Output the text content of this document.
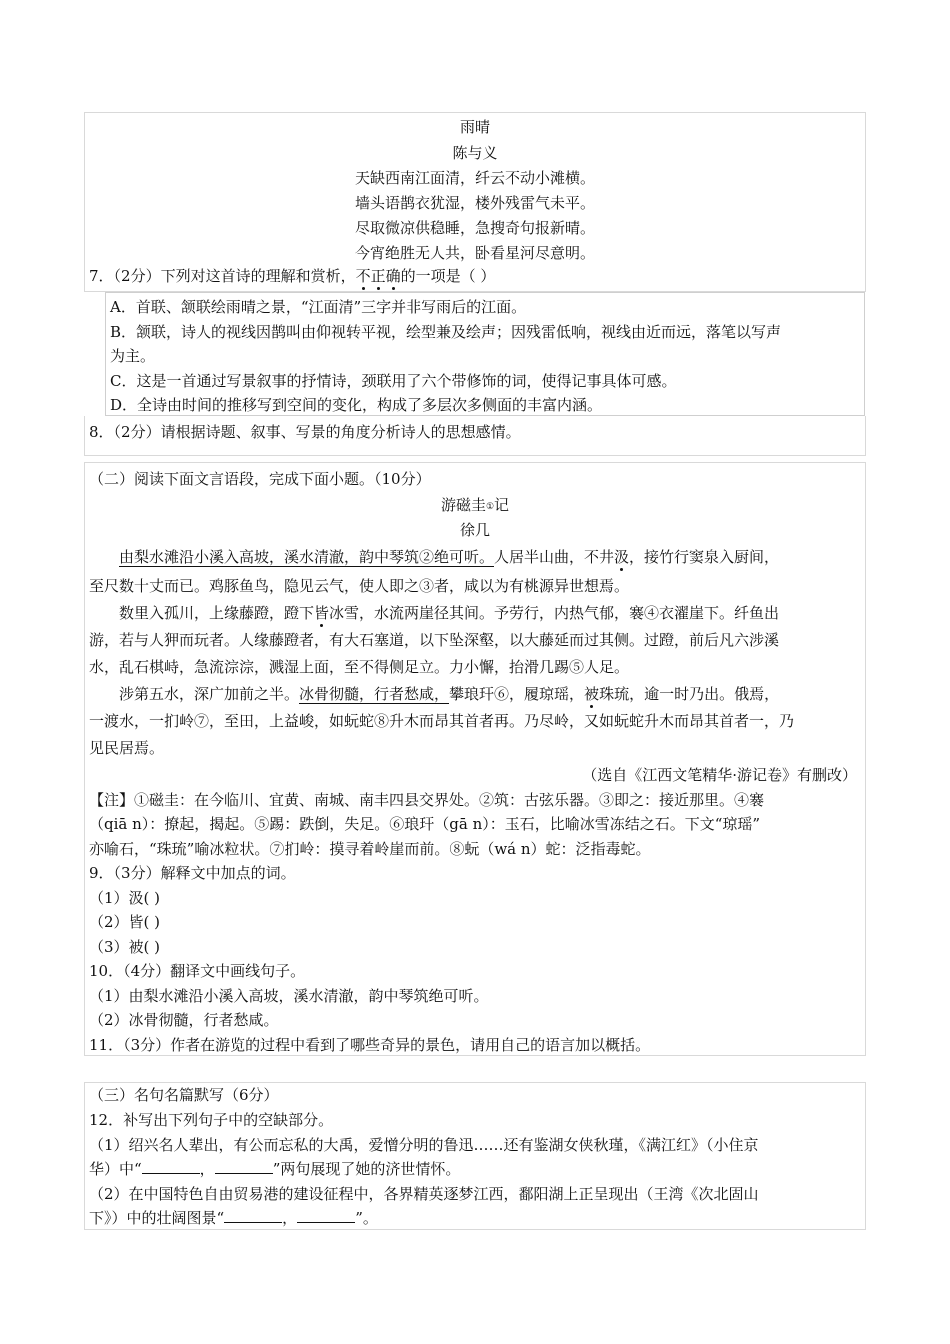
雨晴
陈与义
天缺西南江面清，纤云不动小滩横。
墙头语鹊衣犹湿，楼外残雷气未平。
尽取微凉供稳睡，急搜奇句报新晴。
今宵绝胜无人共，卧看星河尽意明。
7．（2分）下列对这首诗的理解和赏析，不正确的一项是（ ）
A．首联、颔联绘雨晴之景，“江面清”三字并非写雨后的江面。
B．颔联，诗人的视线因鹊叫由仰视转平视，绘型兼及绘声；因残雷低响，视线由近而远，落笔以写声
为主。
C．这是一首通过写景叙事的抒情诗，颈联用了六个带修饰的词，使得记事具体可感。
D．全诗由时间的推移写到空间的变化，构成了多层次多侧面的丰富内涵。
8．（2分）请根据诗题、叙事、写景的角度分析诗人的思想感情。
（二）阅读下面文言语段，完成下面小题。（10分）
游磁圭①记
徐几
由梨水滩沿小溪入高坡，溪水清澈，韵中琴筑②绝可听。人居半山曲，不井汲，接竹行窦泉入厨间，
至尺数十丈而已。鸡豚鱼鸟，隐见云气，使人即之③者，咸以为有桃源异世想焉。
数里入孤川，上缘藤蹬，蹬下皆冰雪，水流两崖径其间。予劳行，内热气郁，褰④衣濯崖下。纤鱼出
游，若与人狎而玩者。人缘藤蹬者，有大石塞道，以下坠深壑，以大藤延而过其侧。过蹬，前后凡六涉溪
水，乱石棋峙，急流淙淙，溅湿上面，至不得侧足立。力小懈，抬滑几踢⑤人足。
涉第五水，深广加前之半。冰骨彻髓，行者愁咸，攀琅玕⑥，履琼瑶，被珠琉，逾一时乃出。俄焉，
一渡水，一扪岭⑦，至田，上益峻，如蚖蛇⑧升木而昂其首者再。乃尽岭，又如蚖蛇升木而昂其首者一，乃
见民居焉。
（选自《江西文笔精华·游记卷》有删改）
【注】①磁圭：在今临川、宜黄、南城、南丰四县交界处。②筑：古弦乐器。③即之：接近那里。④褰
（qiā n）：撩起，揭起。⑤踢：跌倒，失足。⑥琅玕（gā n）：玉石，比喻冰雪冻结之石。下文“琼瑶”
亦喻石，“珠琉”喻冰粒状。⑦扪岭：摸寻着岭崖而前。⑧蚖（wá n）蛇：泛指毒蛇。
9．（3分）解释文中加点的词。
（1）汲( )
（2）皆( )
（3）被( )
10．（4分）翻译文中画线句子。
（1）由梨水滩沿小溪入高坡，溪水清澈，韵中琴筑绝可听。
（2）冰骨彻髓，行者愁咸。
11．（3分）作者在游览的过程中看到了哪些奇异的景色，请用自己的语言加以概括。
（三）名句名篇默写（6分）
12．补写出下列句子中的空缺部分。
（1）绍兴名人辈出，有公而忘私的大禹，爱憎分明的鲁迅……还有鉴湖女侠秋瑾，《满江红》（小住京
华）中“	，	”两句展现了她的济世情怀。
（2）在中国特色自由贸易港的建设征程中，各界精英逐梦江西，鄱阳湖上正呈现出（王湾《次北固山
下》）中的壮阔图景“	，	”。
